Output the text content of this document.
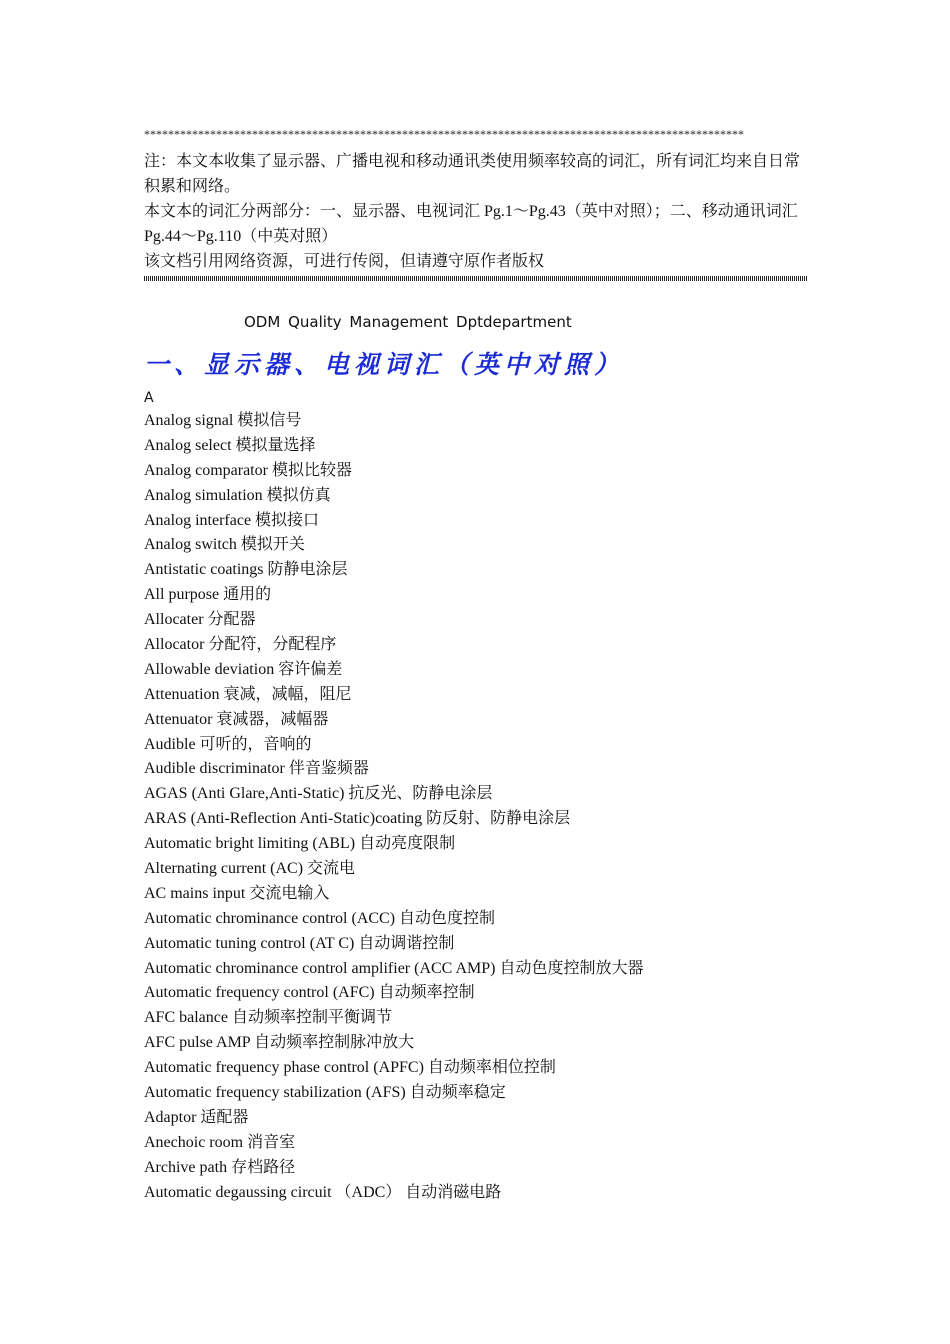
****************************************************************************************************

注：本文本收集了显示器、广播电视和移动通讯类使用频率较高的词汇，所有词汇均来自日常积累和网络。

本文本的词汇分两部分：一、显示器、电视词汇 Pg.1～Pg.43（英中对照）；二、移动通讯词汇 Pg.44～Pg.110（中英对照）

该文档引用网络资源，可进行传阅，但请遵守原作者版权

ODM Quality Management Dptdepartment
一、显示器、电视词汇（英中对照）
A
Analog signal 模拟信号
Analog select 模拟量选择
Analog comparator 模拟比较器
Analog simulation 模拟仿真
Analog interface 模拟接口
Analog switch 模拟开关
Antistatic coatings 防静电涂层
All purpose 通用的
Allocater 分配器
Allocator 分配符，分配程序
Allowable deviation 容许偏差
Attenuation 衰减，减幅，阻尼
Attenuator 衰减器，减幅器
Audible 可听的，音响的
Audible discriminator 伴音鉴频器
AGAS (Anti Glare,Anti-Static) 抗反光、防静电涂层
ARAS (Anti-Reflection Anti-Static)coating 防反射、防静电涂层
Automatic bright limiting (ABL) 自动亮度限制
Alternating current (AC) 交流电
AC mains input 交流电输入
Automatic chrominance control (ACC) 自动色度控制
Automatic tuning control (AT C) 自动调谐控制
Automatic chrominance control amplifier (ACC AMP) 自动色度控制放大器
Automatic frequency control (AFC) 自动频率控制
AFC balance 自动频率控制平衡调节
AFC pulse AMP 自动频率控制脉冲放大
Automatic frequency phase control (APFC) 自动频率相位控制
Automatic frequency stabilization (AFS) 自动频率稳定
Adaptor 适配器
Anechoic room 消音室
Archive path 存档路径
Automatic degaussing circuit （ADC） 自动消磁电路
